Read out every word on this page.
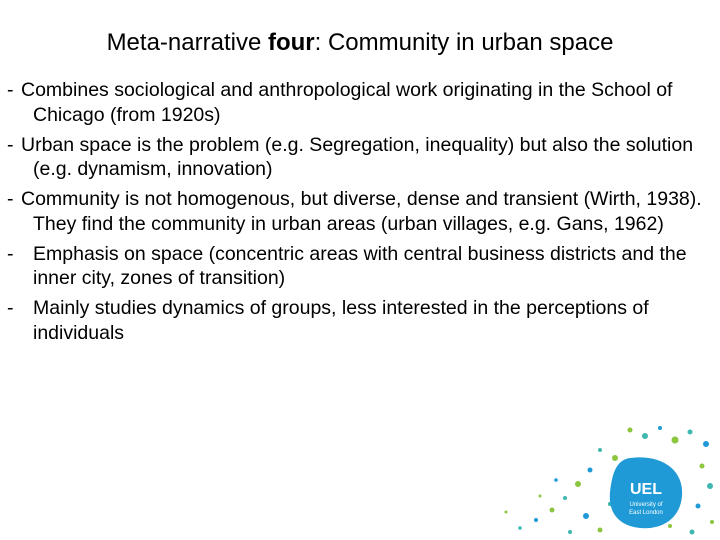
Meta-narrative four: Community in urban space
- Combines sociological and anthropological work originating in the School of Chicago (from 1920s)
- Urban space is the problem (e.g. Segregation, inequality) but also the solution (e.g. dynamism, innovation)
- Community is not homogenous, but diverse, dense and transient (Wirth, 1938). They find the community in urban areas (urban villages, e.g. Gans, 1962)
- Emphasis on space (concentric areas with central business districts and the inner city, zones of transition)
- Mainly studies dynamics of groups, less interested in the perceptions of individuals
UEL
University of
East London
